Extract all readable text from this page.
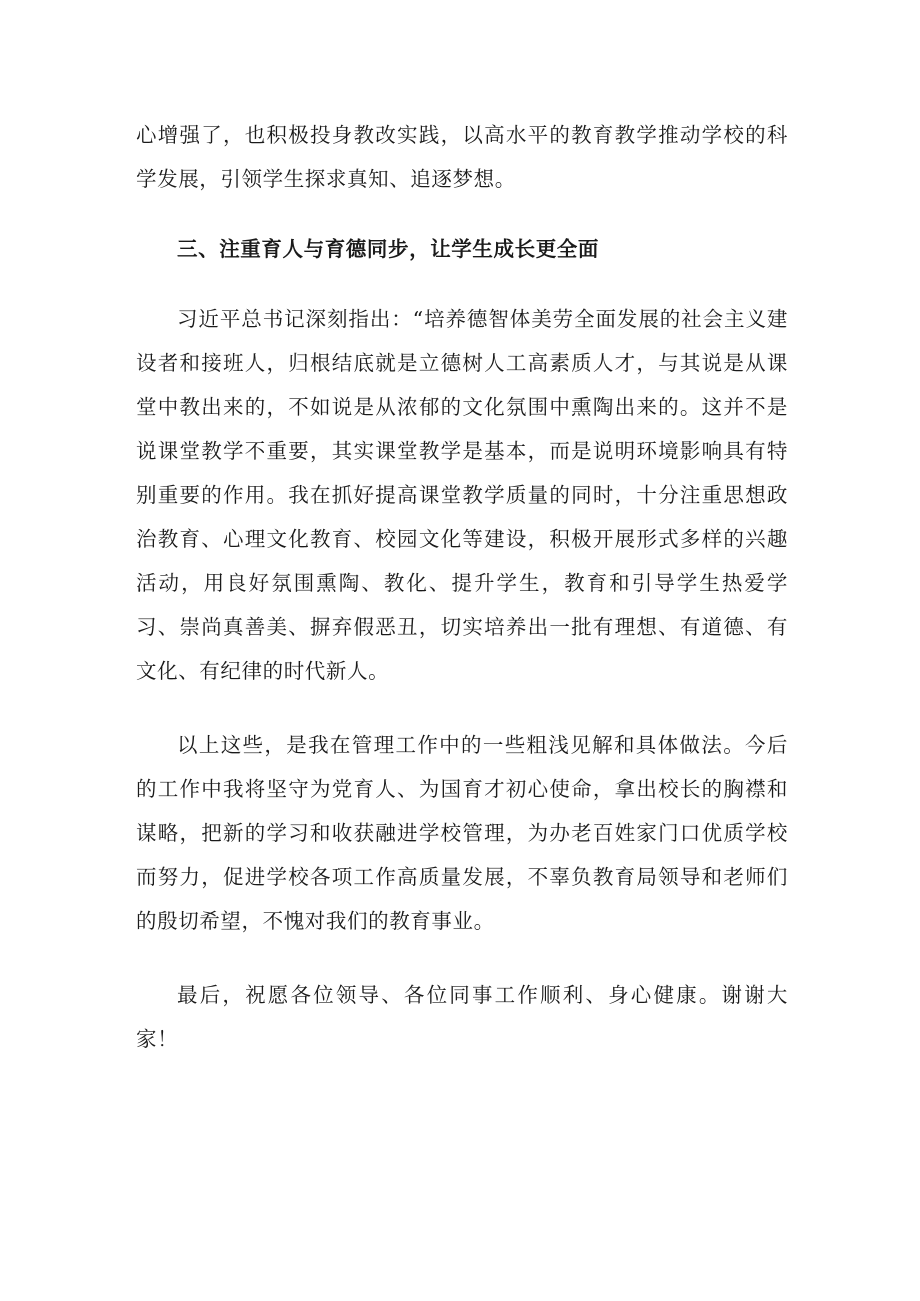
心增强了，也积极投身教改实践，以高水平的教育教学推动学校的科学发展，引领学生探求真知、追逐梦想。

三、注重育人与育德同步，让学生成长更全面

习近平总书记深刻指出：“培养德智体美劳全面发展的社会主义建设者和接班人，归根结底就是立德树人工高素质人才，与其说是从课堂中教出来的，不如说是从浓郁的文化氛围中熏陶出来的。这并不是说课堂教学不重要，其实课堂教学是基本，而是说明环境影响具有特别重要的作用。我在抓好提高课堂教学质量的同时，十分注重思想政治教育、心理文化教育、校园文化等建设，积极开展形式多样的兴趣活动，用良好氛围熏陶、教化、提升学生，教育和引导学生热爱学习、崇尚真善美、摒弃假恶丑，切实培养出一批有理想、有道德、有文化、有纪律的时代新人。

以上这些，是我在管理工作中的一些粗浅见解和具体做法。今后的工作中我将坚守为党育人、为国育才初心使命，拿出校长的胸襟和谋略，把新的学习和收获融进学校管理，为办老百姓家门口优质学校而努力，促进学校各项工作高质量发展，不辜负教育局领导和老师们的殷切希望，不愧对我们的教育事业。

最后，祝愿各位领导、各位同事工作顺利、身心健康。谢谢大家！
